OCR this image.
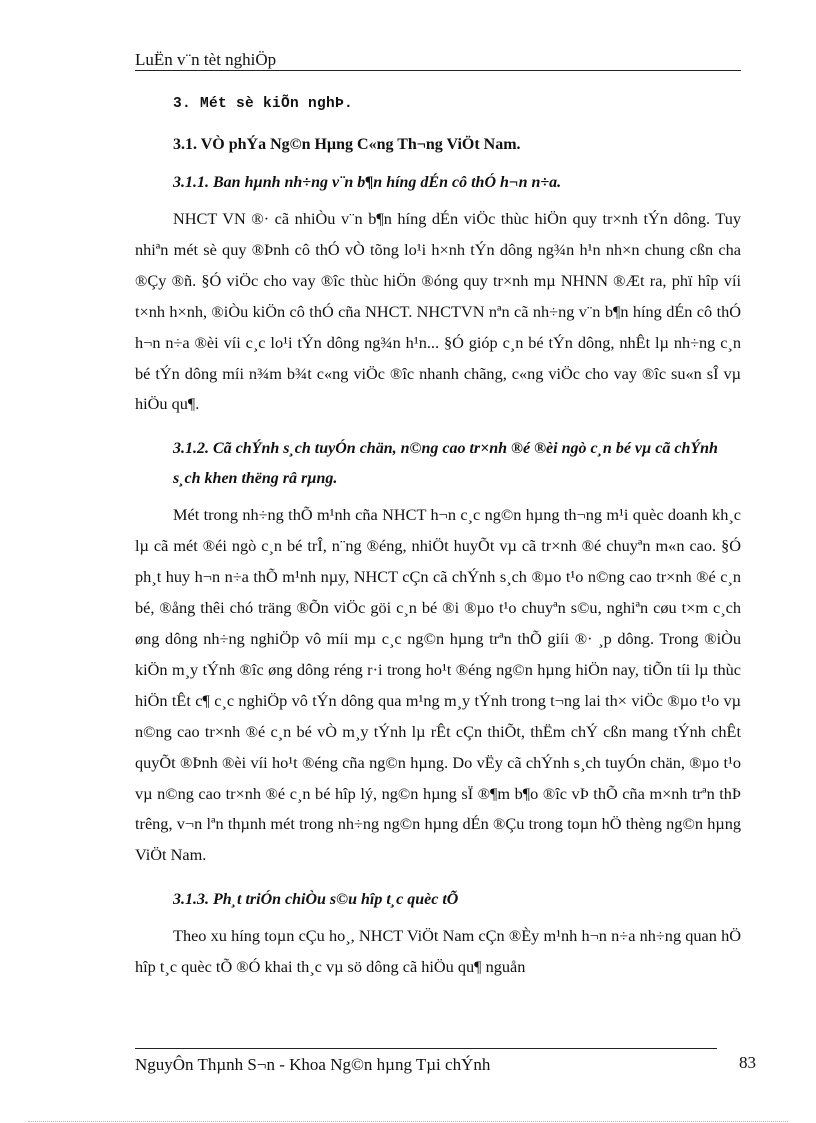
LuËn v¨n tèt nghiÖp
3. Mét sè kiÕn nghÞ.
3.1. VÒ phÝa Ng©n Hµng C«ng Th¬ng ViÖt Nam.
3.1.1. Ban hµnh nh÷ng v¨n b¶n híng dÉn cô thÓ h¬n n÷a.
NHCT VN ®· cã nhiÒu v¨n b¶n híng dÉn viÖc thùc hiÖn quy tr×nh tÝn dông. Tuy nhiªn mét sè quy ®Þnh cô thÓ vÒ tõng lo¹i h×nh tÝn dông ng¾n h¹n nh×n chung cßn cha ®Çy ®ñ. §Ó viÖc cho vay ®îc thùc hiÖn ®óng quy tr×nh mµ NHNN ®Æt ra, phï hîp víi t×nh h×nh, ®iÒu kiÖn cô thÓ cña NHCT. NHCTVN nªn cã nh÷ng v¨n b¶n híng dÉn cô thÓ h¬n n÷a ®èi víi c¸c lo¹i tÝn dông ng¾n h¹n... §Ó gióp c¸n bé tÝn dông, nhÊt lµ nh÷ng c¸n bé tÝn dông míi n¾m b¾t c«ng viÖc ®îc nhanh chãng, c«ng viÖc cho vay ®îc su«n sÎ vµ hiÖu qu¶.
3.1.2. Cã chÝnh s¸ch tuyÓn chän, n©ng cao tr×nh ®é ®èi ngò c¸n bé vµ cã chÝnh s¸ch khen thëng râ rµng.
Mét trong nh÷ng thÕ m¹nh cña NHCT h¬n c¸c ng©n hµng th¬ng m¹i quèc doanh kh¸c lµ cã mét ®éi ngò c¸n bé trÎ, n¨ng ®éng, nhiÖt huyÕt vµ cã tr×nh ®é chuyªn m«n cao. §Ó ph¸t huy h¬n n÷a thÕ m¹nh nµy, NHCT cÇn cã chÝnh s¸ch ®µo t¹o n©ng cao tr×nh ®é c¸n bé, ®ång thêi chó träng ®Õn viÖc göi c¸n bé ®i ®µo t¹o chuyªn s©u, nghiªn cøu t×m c¸ch øng dông nh÷ng nghiÖp vô míi mµ c¸c ng©n hµng trªn thÕ giíi ®· ¸p dông. Trong ®iÒu kiÖn m¸y tÝnh ®îc øng dông réng r·i trong ho¹t ®éng ng©n hµng hiÖn nay, tiÕn tíi lµ thùc hiÖn tÊt c¶ c¸c nghiÖp vô tÝn dông qua m¹ng m¸y tÝnh trong t¬ng lai th× viÖc ®µo t¹o vµ n©ng cao tr×nh ®é c¸n bé vÒ m¸y tÝnh lµ rÊt cÇn thiÕt, thËm chÝ cßn mang tÝnh chÊt quyÕt ®Þnh ®èi víi ho¹t ®éng cña ng©n hµng. Do vËy cã chÝnh s¸ch tuyÓn chän, ®µo t¹o vµ n©ng cao tr×nh ®é c¸n bé hîp lý, ng©n hµng sÏ ®¶m b¶o ®îc vÞ thÕ cña m×nh trªn thÞ trêng, v¬n lªn thµnh mét trong nh÷ng ng©n hµng dÉn ®Çu trong toµn hÖ thèng ng©n hµng ViÖt Nam.
3.1.3. Ph¸t triÓn chiÒu s©u hîp t¸c quèc tÕ
Theo xu híng toµn cÇu ho¸, NHCT ViÖt Nam cÇn ®Èy m¹nh h¬n n÷a nh÷ng quan hÖ hîp t¸c quèc tÕ ®Ó khai th¸c vµ sö dông cã hiÖu qu¶ nguån
NguyÔn Thµnh S¬n - Khoa Ng©n hµng Tµi chÝnh	83
